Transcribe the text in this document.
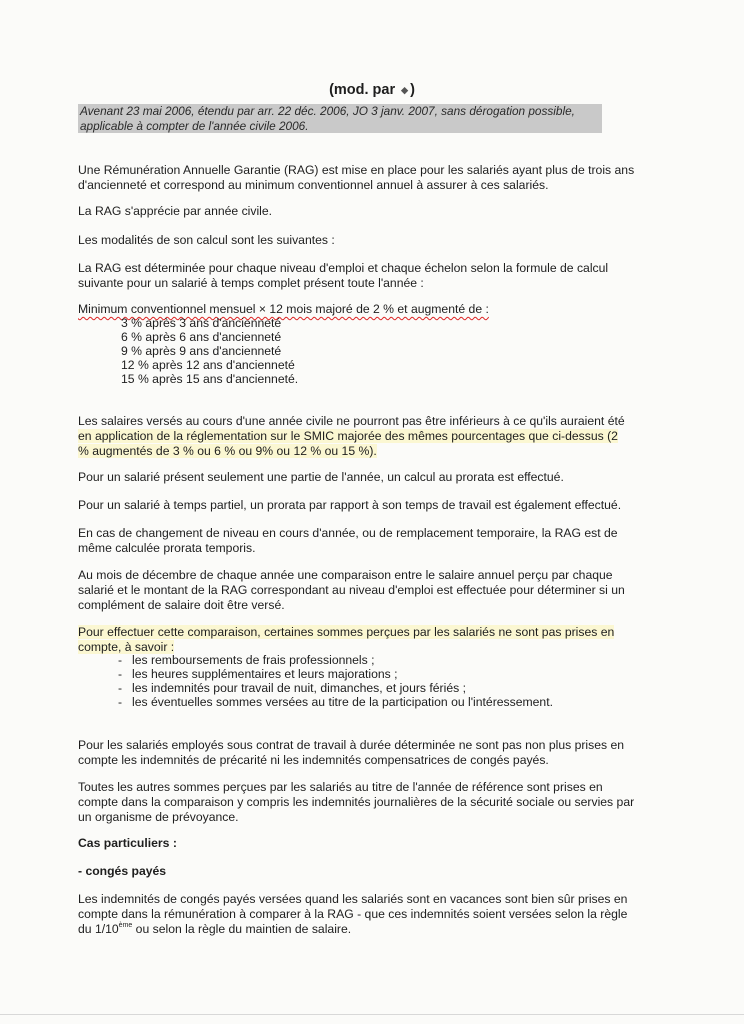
(mod. par ◆ )
Avenant 23 mai 2006, étendu par arr. 22 déc. 2006, JO 3 janv. 2007, sans dérogation possible, applicable à compter de l'année civile 2006.
Une Rémunération Annuelle Garantie (RAG) est mise en place pour les salariés ayant plus de trois ans d'ancienneté et correspond au minimum conventionnel annuel à assurer à ces salariés.
La RAG s'apprécie par année civile.
Les modalités de son calcul sont les suivantes :
La RAG est déterminée pour chaque niveau d'emploi et chaque échelon selon la formule de calcul suivante pour un salarié à temps complet présent toute l'année :
Minimum conventionnel mensuel × 12 mois majoré de 2 % et augmenté de :
3 % après 3 ans d'ancienneté
6 % après 6 ans d'ancienneté
9 % après 9 ans d'ancienneté
12 % après 12 ans d'ancienneté
15 % après 15 ans d'ancienneté.
Les salaires versés au cours d'une année civile ne pourront pas être inférieurs à ce qu'ils auraient été
en application de la réglementation sur le SMIC majorée des mêmes pourcentages que ci-dessus (2
% augmentés de 3 % ou 6 % ou 9% ou 12 % ou 15 %).
Pour un salarié présent seulement une partie de l'année, un calcul au prorata est effectué.
Pour un salarié à temps partiel, un prorata par rapport à son temps de travail est également effectué.
En cas de changement de niveau en cours d'année, ou de remplacement temporaire, la RAG est de même calculée prorata temporis.
Au mois de décembre de chaque année une comparaison entre le salaire annuel perçu par chaque salarié et le montant de la RAG correspondant au niveau d'emploi est effectuée pour déterminer si un complément de salaire doit être versé.
Pour effectuer cette comparaison, certaines sommes perçues par les salariés ne sont pas prises en
compte, à savoir :
- les remboursements de frais professionnels ;
- les heures supplémentaires et leurs majorations ;
- les indemnités pour travail de nuit, dimanches, et jours fériés ;
- les éventuelles sommes versées au titre de la participation ou l'intéressement.
Pour les salariés employés sous contrat de travail à durée déterminée ne sont pas non plus prises en compte les indemnités de précarité ni les indemnités compensatrices de congés payés.
Toutes les autres sommes perçues par les salariés au titre de l'année de référence sont prises en compte dans la comparaison y compris les indemnités journalières de la sécurité sociale ou servies par un organisme de prévoyance.
Cas particuliers :
- congés payés
Les indemnités de congés payés versées quand les salariés sont en vacances sont bien sûr prises en
compte dans la rémunération à comparer à la RAG - que ces indemnités soient versées selon la règle
du 1/10ème ou selon la règle du maintien de salaire.
